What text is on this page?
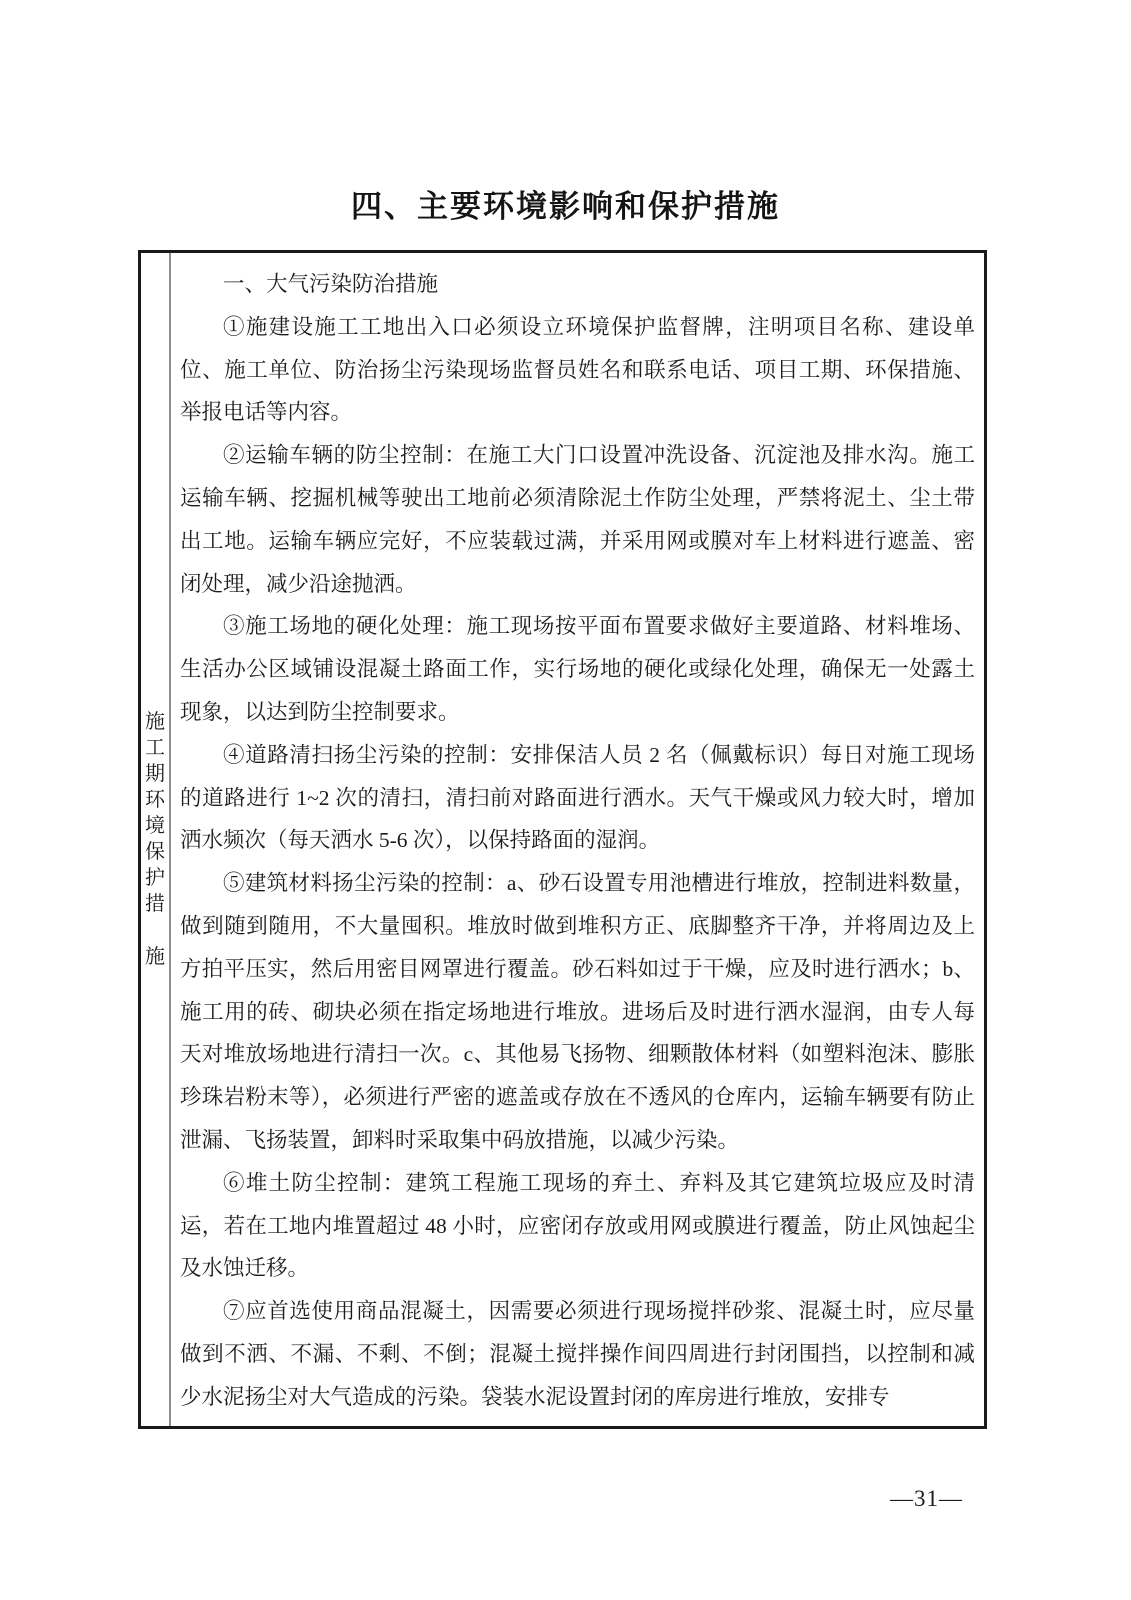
四、主要环境影响和保护措施
施
工
期
环
境
保
护
措
施

一、大气污染防治措施

①施建设施工工地出入口必须设立环境保护监督牌，注明项目名称、建设单位、施工单位、防治扬尘污染现场监督员姓名和联系电话、项目工期、环保措施、举报电话等内容。

②运输车辆的防尘控制：在施工大门口设置冲洗设备、沉淀池及排水沟。施工运输车辆、挖掘机械等驶出工地前必须清除泥土作防尘处理，严禁将泥土、尘土带出工地。运输车辆应完好，不应装载过满，并采用网或膜对车上材料进行遮盖、密闭处理，减少沿途抛洒。

③施工场地的硬化处理：施工现场按平面布置要求做好主要道路、材料堆场、生活办公区域铺设混凝土路面工作，实行场地的硬化或绿化处理，确保无一处露土现象，以达到防尘控制要求。

④道路清扫扬尘污染的控制：安排保洁人员 2 名（佩戴标识）每日对施工现场的道路进行 1~2 次的清扫，清扫前对路面进行洒水。天气干燥或风力较大时，增加洒水频次（每天洒水 5-6 次），以保持路面的湿润。

⑤建筑材料扬尘污染的控制：a、砂石设置专用池槽进行堆放，控制进料数量，做到随到随用，不大量囤积。堆放时做到堆积方正、底脚整齐干净，并将周边及上方拍平压实，然后用密目网罩进行覆盖。砂石料如过于干燥，应及时进行洒水；b、施工用的砖、砌块必须在指定场地进行堆放。进场后及时进行洒水湿润，由专人每天对堆放场地进行清扫一次。c、其他易飞扬物、细颗散体材料（如塑料泡沫、膨胀珍珠岩粉末等），必须进行严密的遮盖或存放在不透风的仓库内，运输车辆要有防止泄漏、飞扬装置，卸料时采取集中码放措施，以减少污染。

⑥堆土防尘控制：建筑工程施工现场的弃土、弃料及其它建筑垃圾应及时清运，若在工地内堆置超过 48 小时，应密闭存放或用网或膜进行覆盖，防止风蚀起尘及水蚀迁移。

⑦应首选使用商品混凝土，因需要必须进行现场搅拌砂浆、混凝土时，应尽量做到不洒、不漏、不剩、不倒；混凝土搅拌操作间四周进行封闭围挡，以控制和减少水泥扬尘对大气造成的污染。袋装水泥设置封闭的库房进行堆放，安排专

—31—
